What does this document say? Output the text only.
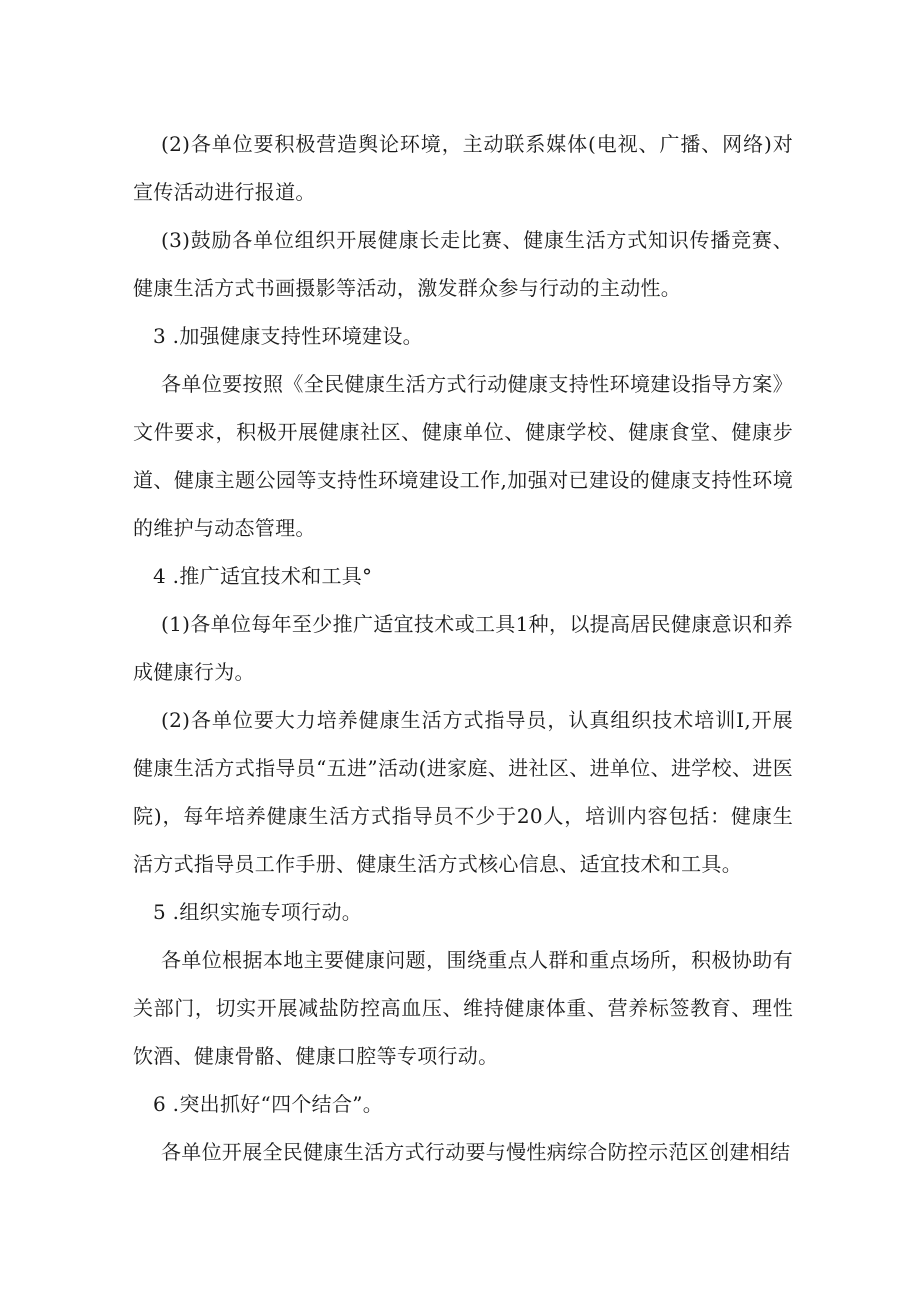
(2)各单位要积极营造舆论环境，主动联系媒体(电视、广播、网络)对宣传活动进行报道。

(3)鼓励各单位组织开展健康长走比赛、健康生活方式知识传播竞赛、健康生活方式书画摄影等活动，激发群众参与行动的主动性。

3 .加强健康支持性环境建设。

各单位要按照《全民健康生活方式行动健康支持性环境建设指导方案》文件要求，积极开展健康社区、健康单位、健康学校、健康食堂、健康步道、健康主题公园等支持性环境建设工作,加强对已建设的健康支持性环境的维护与动态管理。

4 .推广适宜技术和工具°

(1)各单位每年至少推广适宜技术或工具1种，以提高居民健康意识和养成健康行为。

(2)各单位要大力培养健康生活方式指导员，认真组织技术培训I,开展健康生活方式指导员“五进”活动(进家庭、进社区、进单位、进学校、进医院)，每年培养健康生活方式指导员不少于20人，培训内容包括：健康生活方式指导员工作手册、健康生活方式核心信息、适宜技术和工具。

5 .组织实施专项行动。

各单位根据本地主要健康问题，围绕重点人群和重点场所，积极协助有关部门，切实开展减盐防控高血压、维持健康体重、营养标签教育、理性饮酒、健康骨骼、健康口腔等专项行动。

6 .突出抓好“四个结合”。

各单位开展全民健康生活方式行动要与慢性病综合防控示范区创建相结
